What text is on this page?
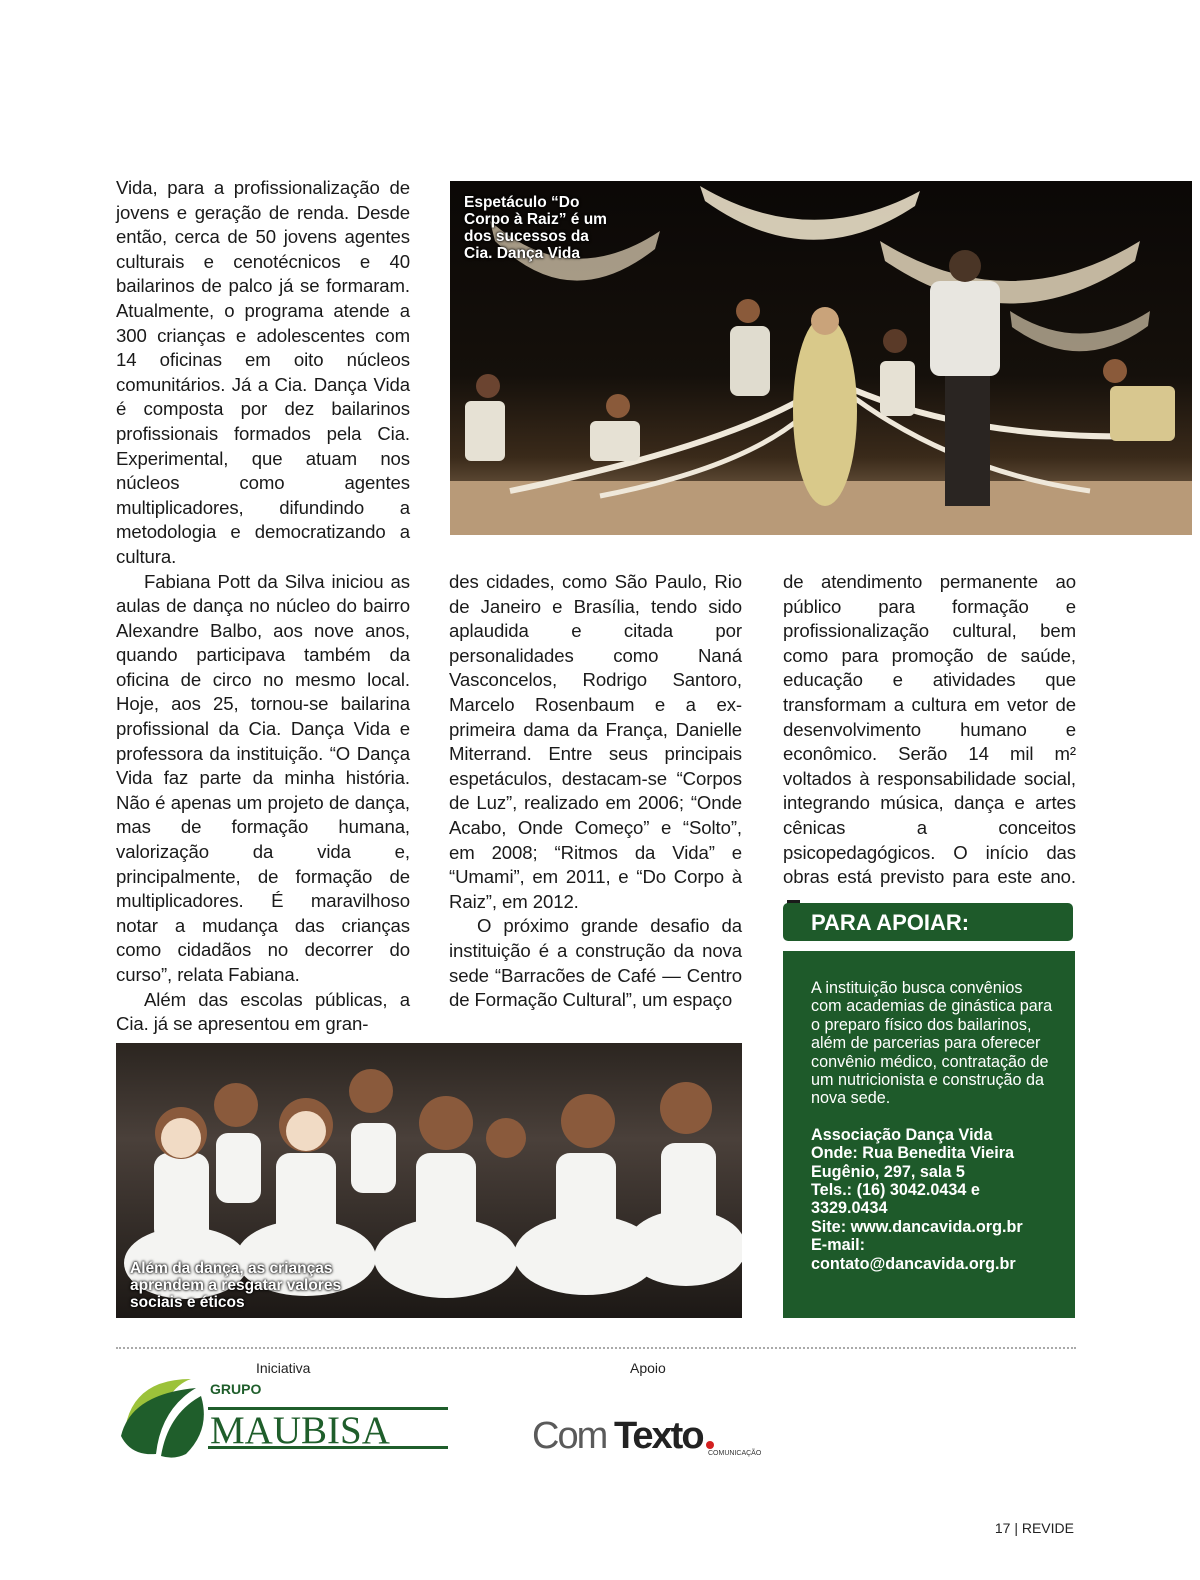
Vida, para a profissionalização de jovens e geração de renda. Desde então, cerca de 50 jovens agentes culturais e cenotécnicos e 40 bailarinos de palco já se formaram. Atualmente, o programa atende a 300 crianças e adolescentes com 14 oficinas em oito núcleos comunitários. Já a Cia. Dança Vida é composta por dez bailarinos profissionais formados pela Cia. Experimental, que atuam nos núcleos como agentes multiplicadores, difundindo a metodologia e democratizando a cultura.

Fabiana Pott da Silva iniciou as aulas de dança no núcleo do bairro Alexandre Balbo, aos nove anos, quando participava também da oficina de circo no mesmo local. Hoje, aos 25, tornou-se bailarina profissional da Cia. Dança Vida e professora da instituição. “O Dança Vida faz parte da minha história. Não é apenas um projeto de dança, mas de formação humana, valorização da vida e, principalmente, de formação de multiplicadores. É maravilhoso notar a mudança das crianças como cidadãos no decorrer do curso”, relata Fabiana.

Além das escolas públicas, a Cia. já se apresentou em gran-

Espetáculo “Do Corpo à Raiz” é um dos sucessos da Cia. Dança Vida

des cidades, como São Paulo, Rio de Janeiro e Brasília, tendo sido aplaudida e citada por personalidades como Naná Vasconcelos, Rodrigo Santoro, Marcelo Rosenbaum e a ex-primeira dama da França, Danielle Miterrand. Entre seus principais espetáculos, destacam-se “Corpos de Luz”, realizado em 2006; “Onde Acabo, Onde Começo” e “Solto”, em 2008; “Ritmos da Vida” e “Umami”, em 2011, e “Do Corpo à Raiz”, em 2012.

O próximo grande desafio da instituição é a construção da nova sede “Barracões de Café — Centro de Formação Cultural”, um espaço

de atendimento permanente ao público para formação e profissionalização cultural, bem como para promoção de saúde, educação e atividades que transformam a cultura em vetor de desenvolvimento humano e econômico. Serão 14 mil m² voltados à responsabilidade social, integrando música, dança e artes cênicas a conceitos psicopedagógicos. O início das obras está previsto para este ano.

PARA APOIAR:

A instituição busca convênios com academias de ginástica para o preparo físico dos bailarinos, além de parcerias para oferecer convênio médico, contratação de um nutricionista e construção da nova sede.

Associação Dança Vida

Onde: Rua Benedita Vieira Eugênio, 297, sala 5

Tels.: (16) 3042.0434 e 3329.0434

Site: www.dancavida.org.br

E-mail: contato@dancavida.org.br

Além da dança, as crianças aprendem a resgatar valores sociais e éticos
Iniciativa	Apoio
GRUPO
MAUBISA	Com Texto COMUNICAÇÃO
17 | REVIDE
